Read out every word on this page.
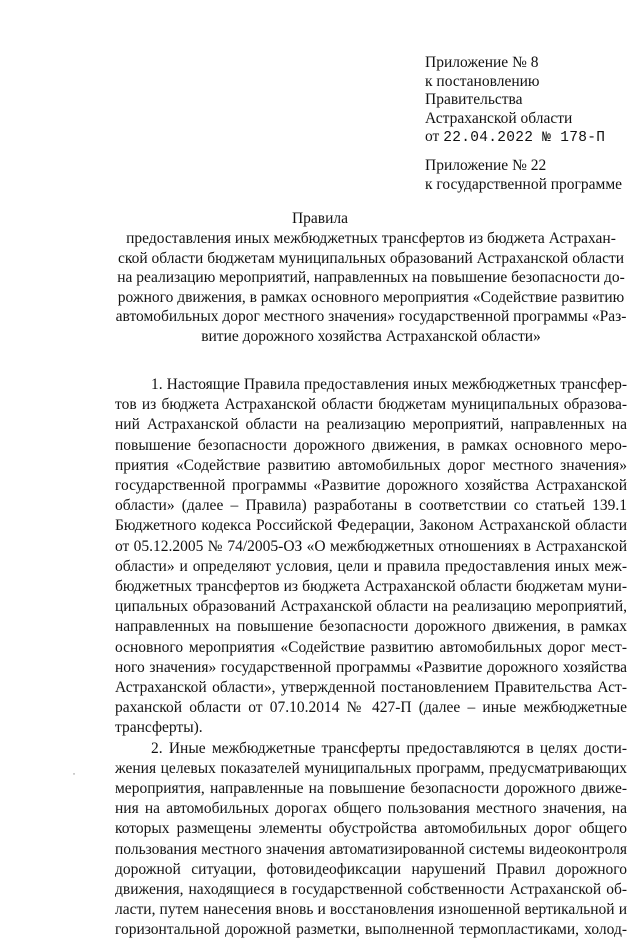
Приложение № 8
к постановлению
Правительства
Астраханской области
от 22.04.2022 № 178-П
Приложение № 22
к государственной программе
Правила
предоставления иных межбюджетных трансфертов из бюджета Астрахан-
ской области бюджетам муниципальных образований Астраханской области
на реализацию мероприятий, направленных на повышение безопасности до-
рожного движения, в рамках основного мероприятия «Содействие развитию
автомобильных дорог местного значения» государственной программы «Раз-
витие дорожного хозяйства Астраханской области»
1. Настоящие Правила предоставления иных межбюджетных трансфер-
тов из бюджета Астраханской области бюджетам муниципальных образова-
ний Астраханской области на реализацию мероприятий, направленных на
повышение безопасности дорожного движения, в рамках основного меро-
приятия «Содействие развитию автомобильных дорог местного значения»
государственной программы «Развитие дорожного хозяйства Астраханской
области» (далее – Правила) разработаны в соответствии со статьей 139.1
Бюджетного кодекса Российской Федерации, Законом Астраханской области
от 05.12.2005 № 74/2005-ОЗ «О межбюджетных отношениях в Астраханской
области» и определяют условия, цели и правила предоставления иных меж-
бюджетных трансфертов из бюджета Астраханской области бюджетам муни-
ципальных образований Астраханской области на реализацию мероприятий,
направленных на повышение безопасности дорожного движения, в рамках
основного мероприятия «Содействие развитию автомобильных дорог мест-
ного значения» государственной программы «Развитие дорожного хозяйства
Астраханской области», утвержденной постановлением Правительства Аст-
раханской области от 07.10.2014 № 427-П (далее – иные межбюджетные
трансферты).
2. Иные межбюджетные трансферты предоставляются в целях дости-
жения целевых показателей муниципальных программ, предусматривающих
мероприятия, направленные на повышение безопасности дорожного движе-
ния на автомобильных дорогах общего пользования местного значения, на
которых размещены элементы обустройства автомобильных дорог общего
пользования местного значения автоматизированной системы видеоконтроля
дорожной ситуации, фотовидеофиксации нарушений Правил дорожного
движения, находящиеся в государственной собственности Астраханской об-
ласти, путем нанесения вновь и восстановления изношенной вертикальной и
горизонтальной дорожной разметки, выполненной термопластиками, холод-
˙
